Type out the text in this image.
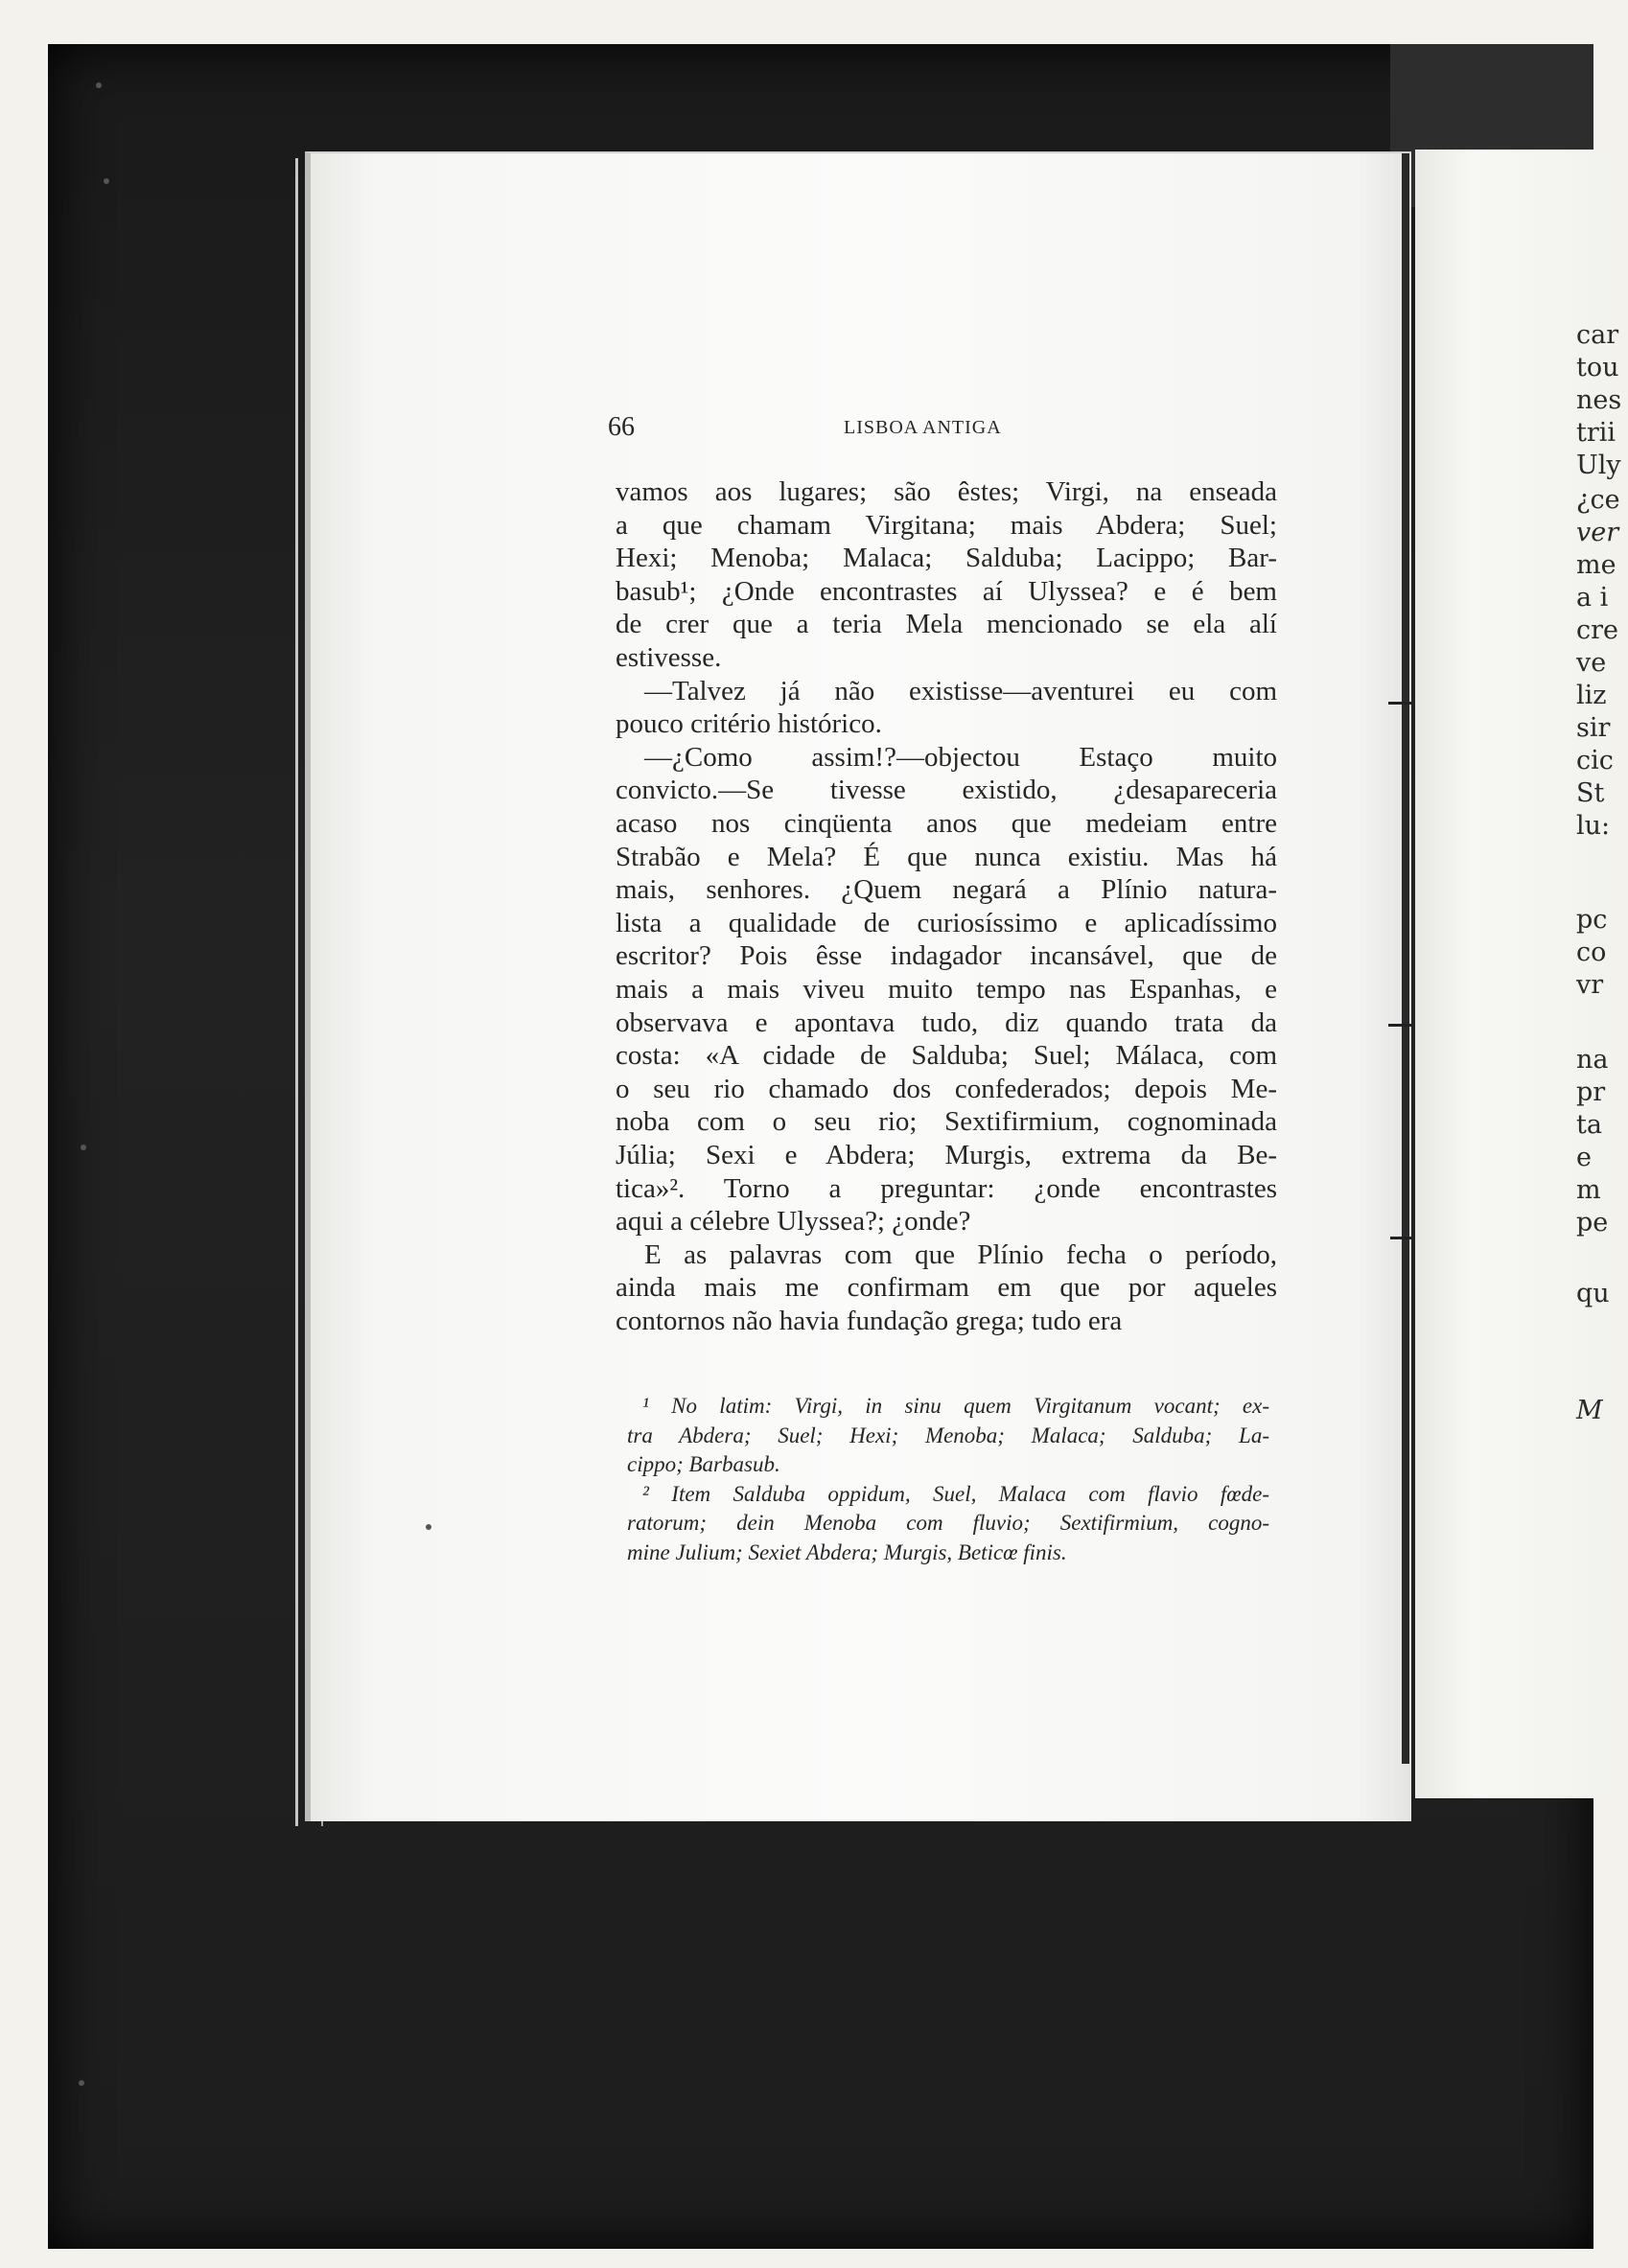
car
tou
nes
trii
Uly
¿ce
ver
me
a i
cre
ve
liz
sir
cic
St
lu:
pc
co
vr
na
pr
ta
e
m
pe
qu
M
66	LISBOA ANTIGA
vamos aos lugares; são êstes; Virgi, na enseada
a que chamam Virgitana; mais Abdera; Suel;
Hexi; Menoba; Malaca; Salduba; Lacippo; Bar-
basub¹; ¿Onde encontrastes aí Ulyssea? e é bem
de crer que a teria Mela mencionado se ela alí
estivesse.
—Talvez já não existisse—aventurei eu com
pouco critério histórico.
—¿Como assim!?—objectou Estaço muito
convicto.—Se tivesse existido, ¿desapareceria
acaso nos cinqüenta anos que medeiam entre
Strabão e Mela? É que nunca existiu. Mas há
mais, senhores. ¿Quem negará a Plínio natura-
lista a qualidade de curiosíssimo e aplicadíssimo
escritor? Pois êsse indagador incansável, que de
mais a mais viveu muito tempo nas Espanhas, e
observava e apontava tudo, diz quando trata da
costa: «A cidade de Salduba; Suel; Málaca, com
o seu rio chamado dos confederados; depois Me-
noba com o seu rio; Sextifirmium, cognominada
Júlia; Sexi e Abdera; Murgis, extrema da Be-
tica»². Torno a preguntar: ¿onde encontrastes
aqui a célebre Ulyssea?; ¿onde?
E as palavras com que Plínio fecha o período,
ainda mais me confirmam em que por aqueles
contornos não havia fundação grega; tudo era
¹ No latim: Virgi, in sinu quem Virgitanum vocant; ex-
tra Abdera; Suel; Hexi; Menoba; Malaca; Salduba; La-
cippo; Barbasub.
² Item Salduba oppidum, Suel, Malaca com flavio fœde-
ratorum; dein Menoba com fluvio; Sextifirmium, cogno-
mine Julium; Sexiet Abdera; Murgis, Beticœ finis.
